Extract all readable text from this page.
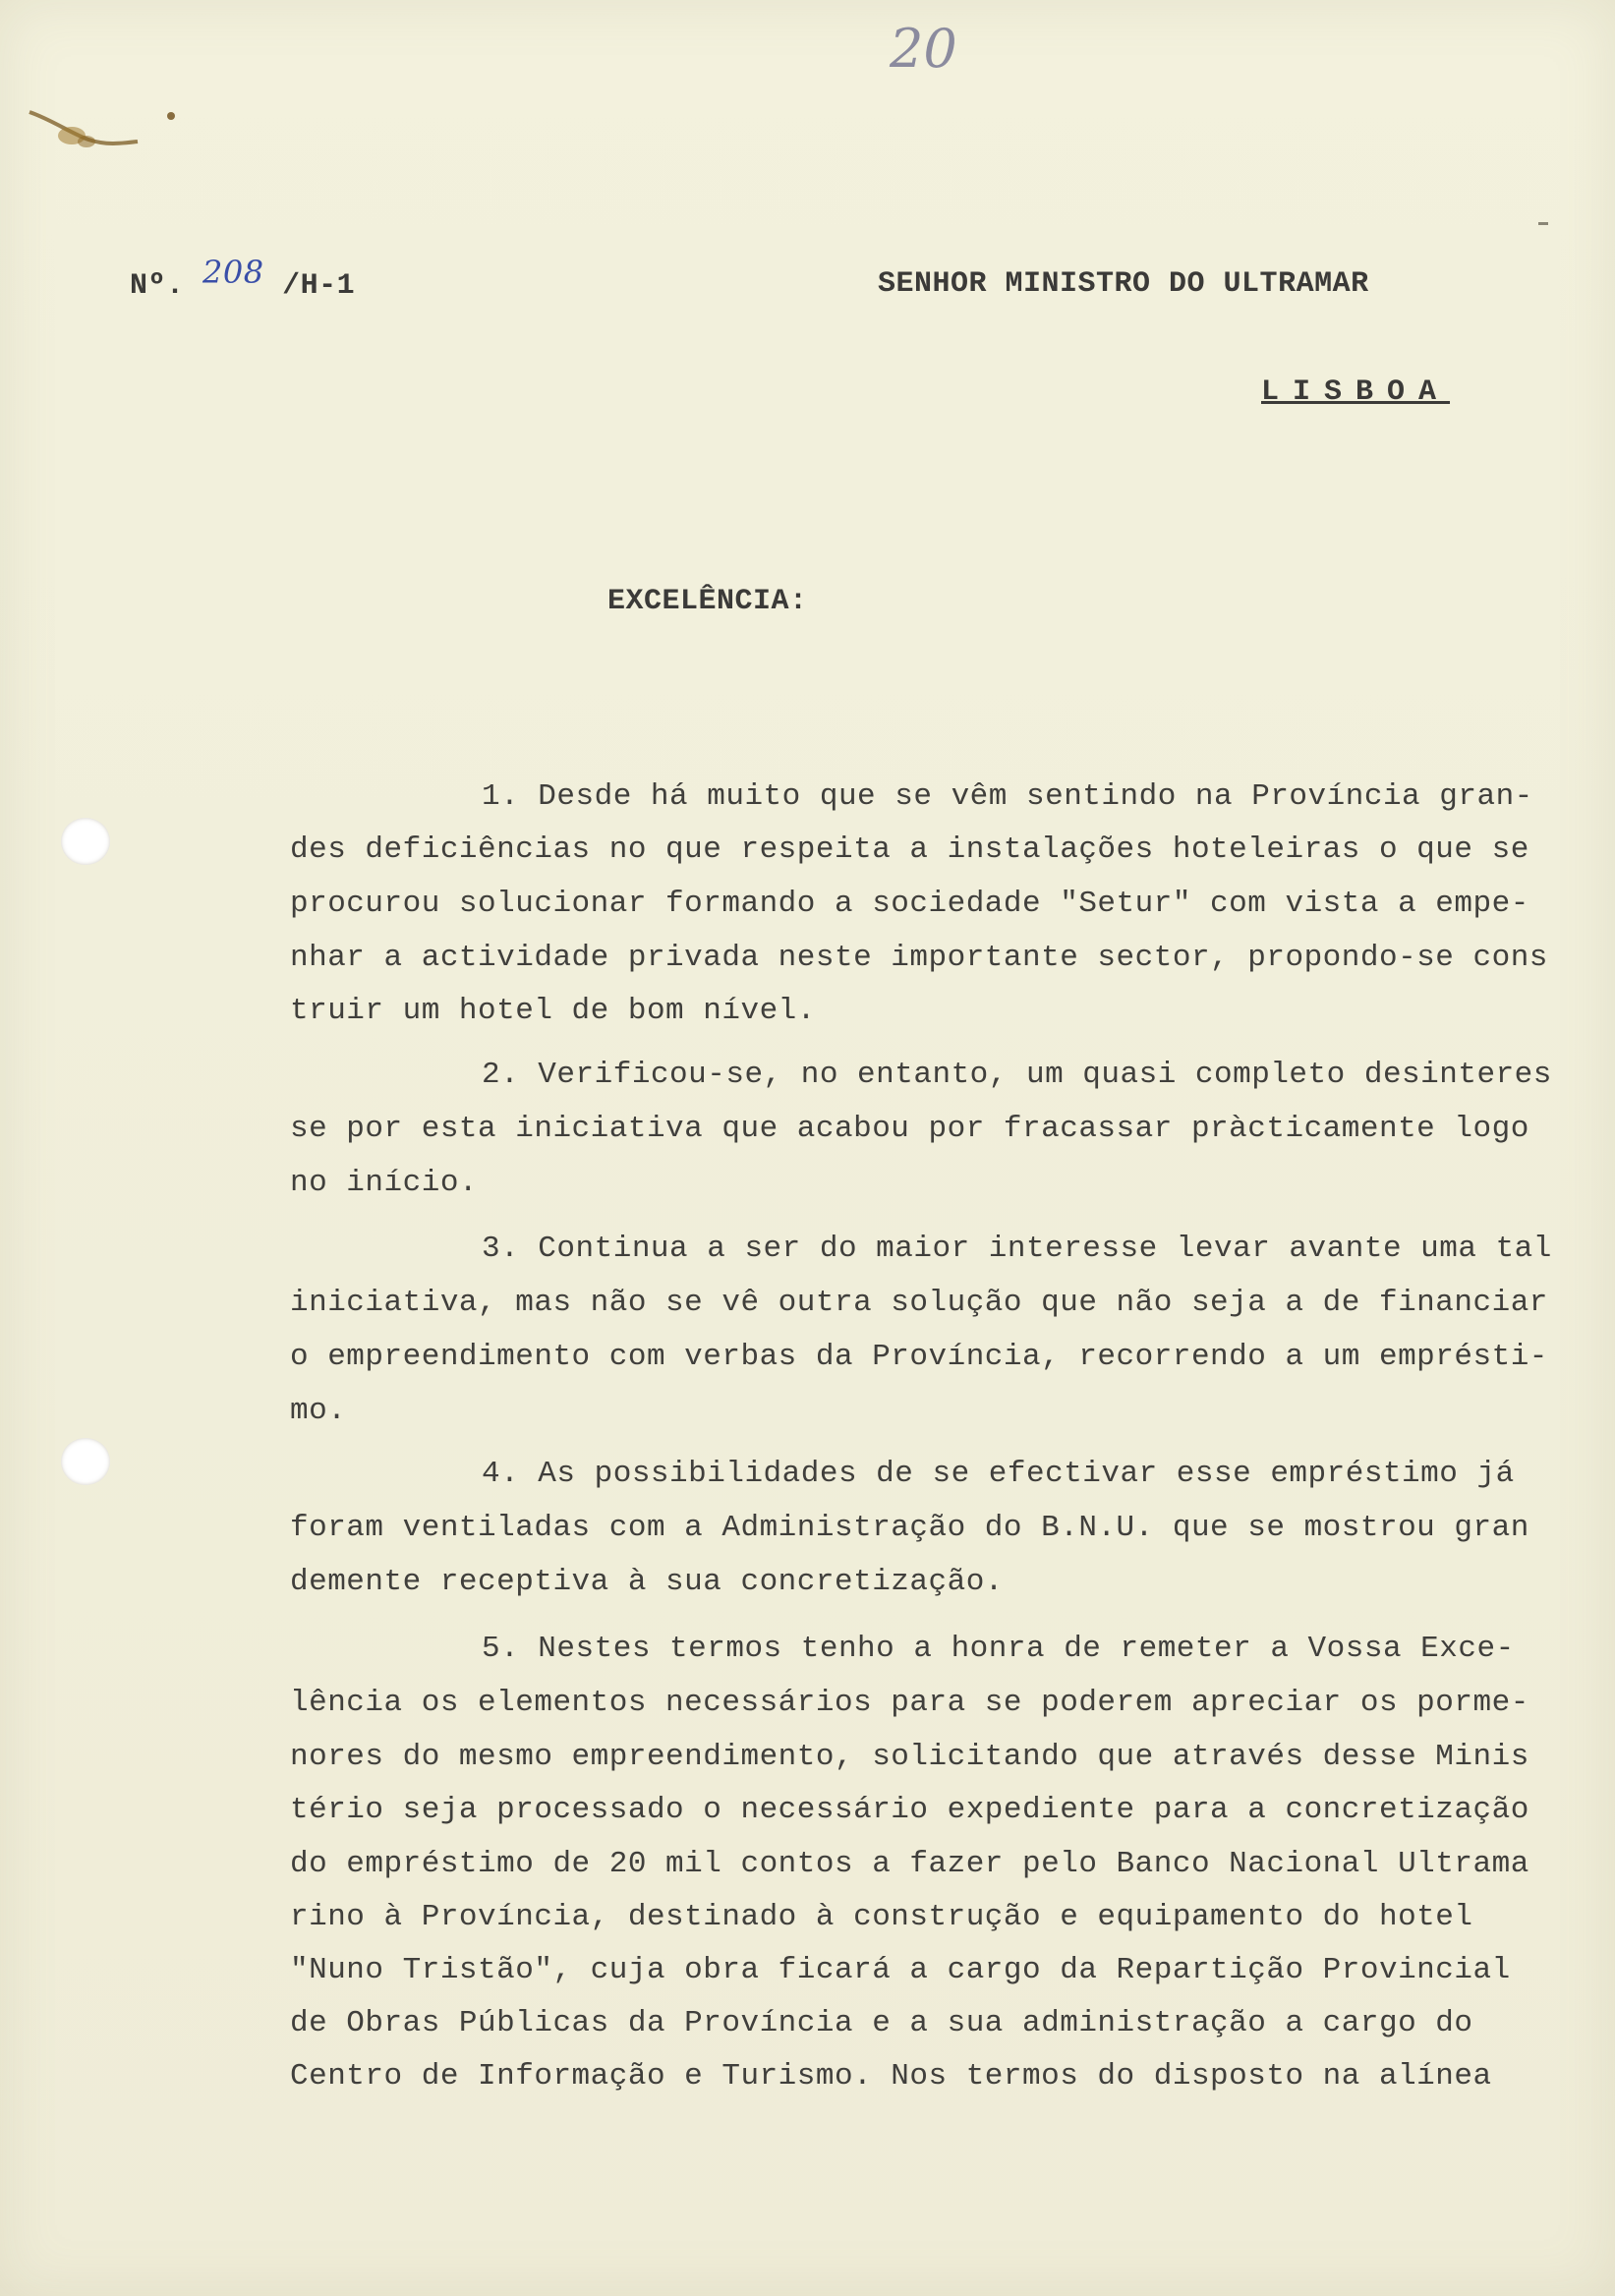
20
Nº. 208 /H-1	SENHOR MINISTRO DO ULTRAMAR
LISBOA
EXCELÊNCIA:
1. Desde há muito que se vêm sentindo na Província gran-
des deficiências no que respeita a instalações hoteleiras o que se
procurou solucionar formando a sociedade "Setur" com vista a empe-
nhar a actividade privada neste importante sector, propondo-se cons
truir um hotel de bom nível.
2. Verificou-se, no entanto, um quasi completo desinteres
se por esta iniciativa que acabou por fracassar pràcticamente logo
no início.
3. Continua a ser do maior interesse levar avante uma tal
iniciativa, mas não se vê outra solução que não seja a de financiar
o empreendimento com verbas da Província, recorrendo a um emprésti-
mo.
4. As possibilidades de se efectivar esse empréstimo já
foram ventiladas com a Administração do B.N.U. que se mostrou gran
demente receptiva à sua concretização.
5. Nestes termos tenho a honra de remeter a Vossa Exce-
lência os elementos necessários para se poderem apreciar os porme-
nores do mesmo empreendimento, solicitando que através desse Minis
tério seja processado o necessário expediente para a concretização
do empréstimo de 20 mil contos a fazer pelo Banco Nacional Ultrama
rino à Província, destinado à construção e equipamento do hotel
"Nuno Tristão", cuja obra ficará a cargo da Repartição Provincial
de Obras Públicas da Província e a sua administração a cargo do
Centro de Informação e Turismo. Nos termos do disposto na alínea
